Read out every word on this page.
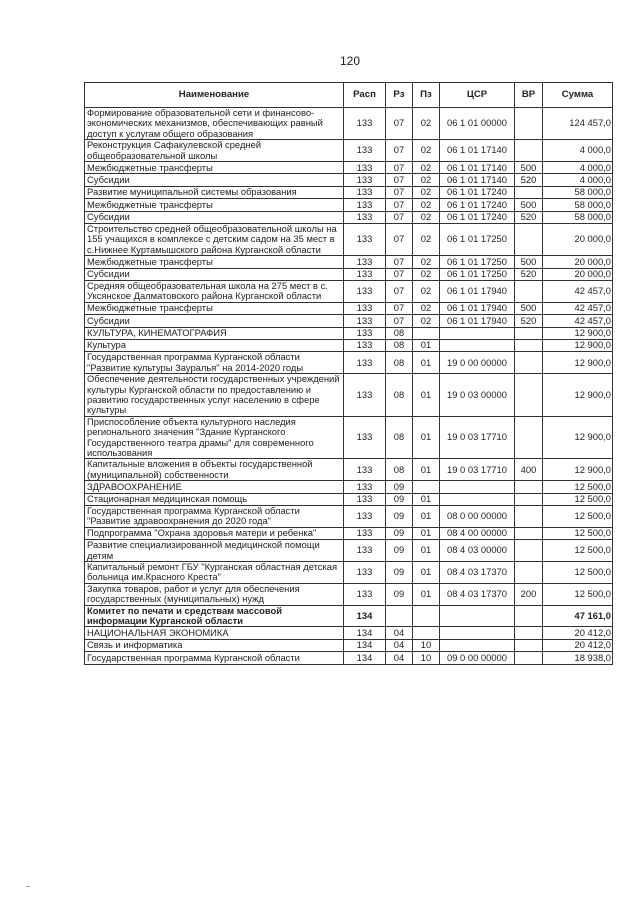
120
Наименование	Расп	Рз	Пз	ЦСР	ВР	Сумма
Формирование образовательной сети и финансово-экономических механизмов, обеспечивающих равный доступ к услугам общего образования	133	07	02	06 1 01 00000		124 457,0
Реконструкция Сафакулевской средней общеобразовательной школы	133	07	02	06 1 01 17140		4 000,0
Межбюджетные трансферты	133	07	02	06 1 01 17140	500	4 000,0
Субсидии	133	07	02	06 1 01 17140	520	4 000,0
Развитие муниципальной системы образования	133	07	02	06 1 01 17240		58 000,0
Межбюджетные трансферты	133	07	02	06 1 01 17240	500	58 000,0
Субсидии	133	07	02	06 1 01 17240	520	58 000,0
Строительство средней общеобразовательной школы на 155 учащихся в комплексе с детским садом на 35 мест в с.Нижнее Куртамышского района Курганской области	133	07	02	06 1 01 17250		20 000,0
Межбюджетные трансферты	133	07	02	06 1 01 17250	500	20 000,0
Субсидии	133	07	02	06 1 01 17250	520	20 000,0
Средняя общеобразовательная школа на 275 мест в с. Уксянское Далматовского района Курганской области	133	07	02	06 1 01 17940		42 457,0
Межбюджетные трансферты	133	07	02	06 1 01 17940	500	42 457,0
Субсидии	133	07	02	06 1 01 17940	520	42 457,0
КУЛЬТУРА, КИНЕМАТОГРАФИЯ	133	08				12 900,0
Культура	133	08	01			12 900,0
Государственная программа Курганской области "Развитие культуры Зауралья" на 2014-2020 годы	133	08	01	19 0 00 00000		12 900,0
Обеспечение деятельности государственных учреждений культуры Курганской области по предоставлению и развитию государственных услуг населению в сфере культуры	133	08	01	19 0 03 00000		12 900,0
Приспособление объекта культурного наследия регионального значения "Здание Курганского Государственного театра драмы" для современного использования	133	08	01	19 0 03 17710		12 900,0
Капитальные вложения в объекты государственной (муниципальной) собственности	133	08	01	19 0 03 17710	400	12 900,0
ЗДРАВООХРАНЕНИЕ	133	09				12 500,0
Стационарная медицинская помощь	133	09	01			12 500,0
Государственная программа Курганской области "Развитие здравоохранения до 2020 года"	133	09	01	08 0 00 00000		12 500,0
Подпрограмма "Охрана здоровья матери и ребенка"	133	09	01	08 4 00 00000		12 500,0
Развитие специализированной медицинской помощи детям	133	09	01	08 4 03 00000		12 500,0
Капитальный ремонт ГБУ "Курганская областная детская больница им.Красного Креста"	133	09	01	08 4 03 17370		12 500,0
Закупка товаров, работ и услуг для обеспечения государственных (муниципальных) нужд	133	09	01	08 4 03 17370	200	12 500,0
Комитет по печати и средствам массовой информации Курганской области	134					47 161,0
НАЦИОНАЛЬНАЯ ЭКОНОМИКА	134	04				20 412,0
Связь и информатика	134	04	10			20 412,0
Государственная программа Курганской области	134	04	10	09 0 00 00000		18 938,0
